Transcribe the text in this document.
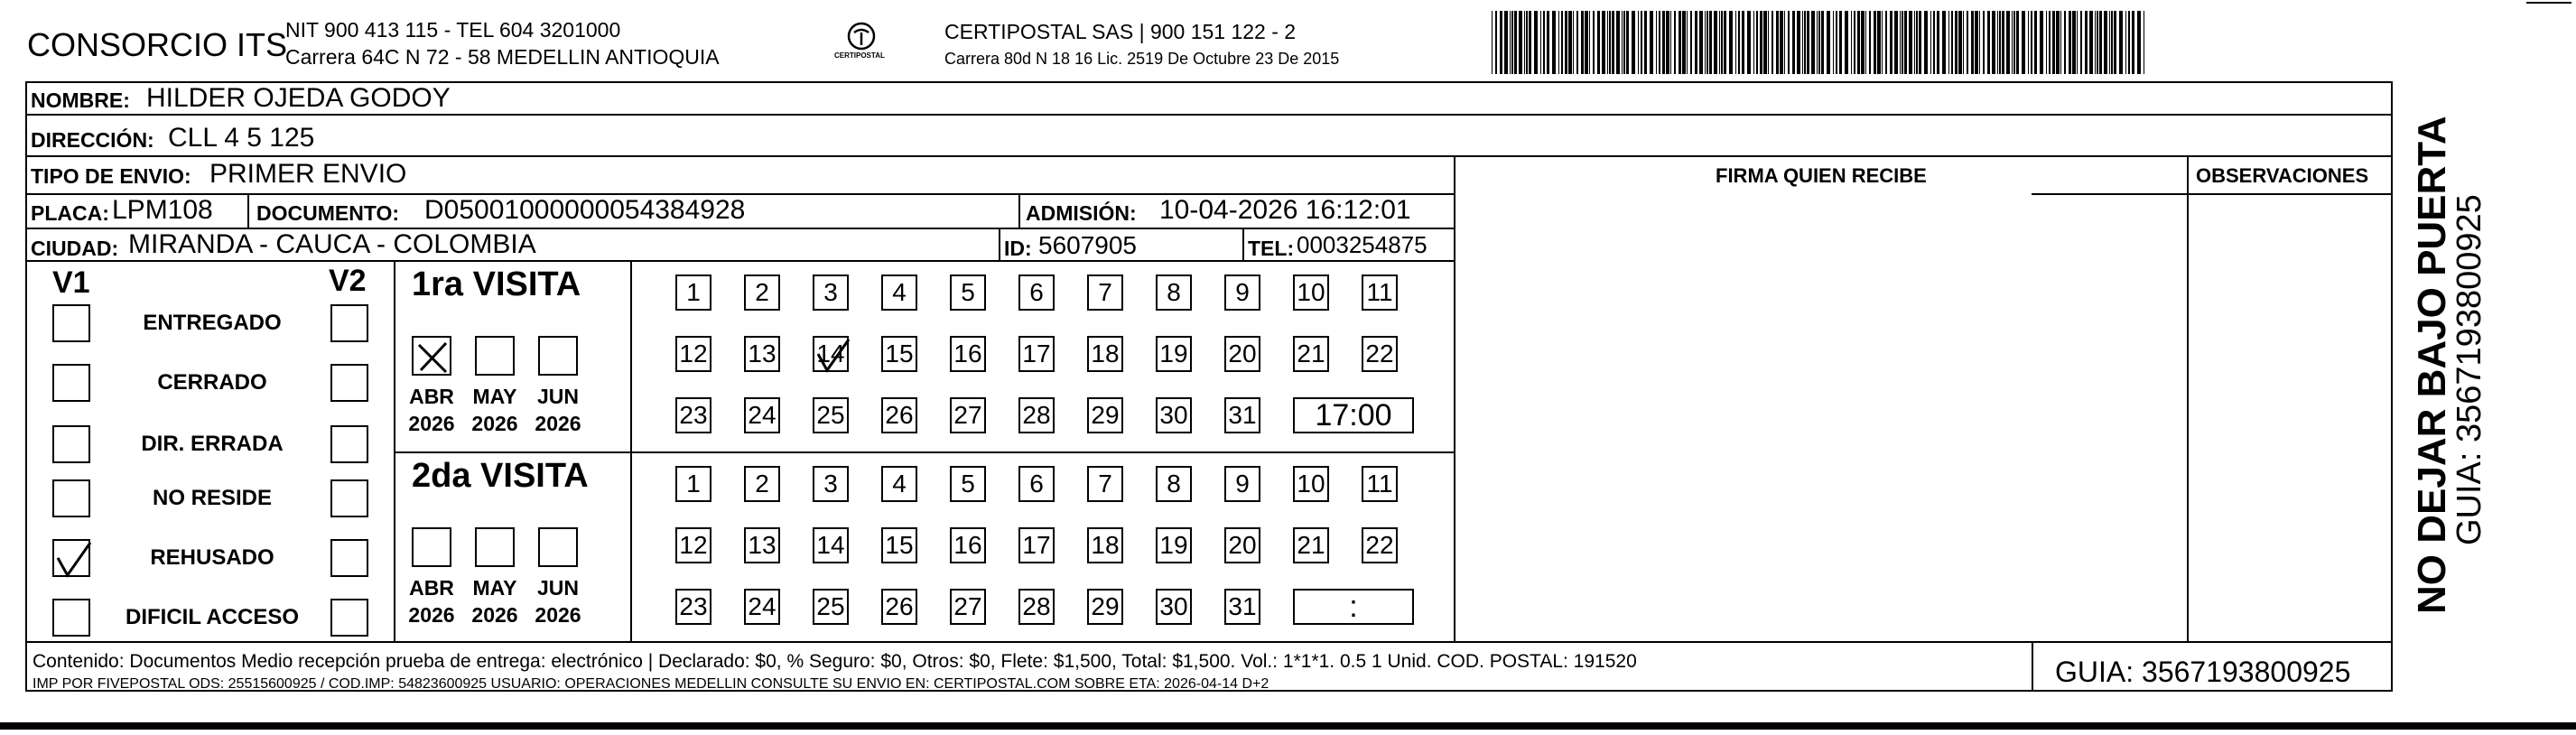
CONSORCIO ITS
NIT 900 413 115 - TEL 604 3201000
Carrera 64C N 72 - 58 MEDELLIN ANTIOQUIA	CERTIPOSTAL
CERTIPOSTAL SAS | 900 151 122 - 2
Carrera 80d N 18 16 Lic. 2519 De Octubre 23 De 2015
NOMBRE: HILDER OJEDA GODOY
DIRECCIÓN: CLL 4 5 125
TIPO DE ENVIO: PRIMER ENVIO	FIRMA QUIEN RECIBE	OBSERVACIONES
PLACA: LPM108 DOCUMENTO: D05001000000054384928	ADMISIÓN: 10-04-2026 16:12:01
CIUDAD: MIRANDA - CAUCA - COLOMBIA	ID: 5607905	TEL: 0003254875
V1	V2
ENTREGADO
CERRADO
DIR. ERRADA
NO RESIDE
REHUSADO
DIFICIL ACCESO
1ra VISITA
ABR
2026
MAY
2026
JUN
2026
1	2	3	4	5	6	7	8	9	10 11
12 13 14 15 16 17 18 19 20 21 22
23 24 25 26 27 28 29 30 31	17:00
2da VISITA
ABR
2026
MAY
2026
JUN
2026
1	2	3	4	5	6	7	8	9	10 11
12 13 14 15 16 17 18 19 20 21 22
23 24 25 26 27 28 29 30 31	:
Contenido: Documentos Medio recepción prueba de entrega: electrónico | Declarado: $0, % Seguro: $0, Otros: $0, Flete: $1,500, Total: $1,500. Vol.: 1*1*1. 0.5 1 Unid. COD. POSTAL: 191520
IMP POR FIVEPOSTAL ODS: 25515600925 / COD.IMP: 54823600925 USUARIO: OPERACIONES MEDELLIN CONSULTE SU ENVIO EN: CERTIPOSTAL.COM SOBRE ETA: 2026-04-14 D+2	GUIA: 3567193800925
NO DEJAR BAJO PUERTA
GUIA: 3567193800925
